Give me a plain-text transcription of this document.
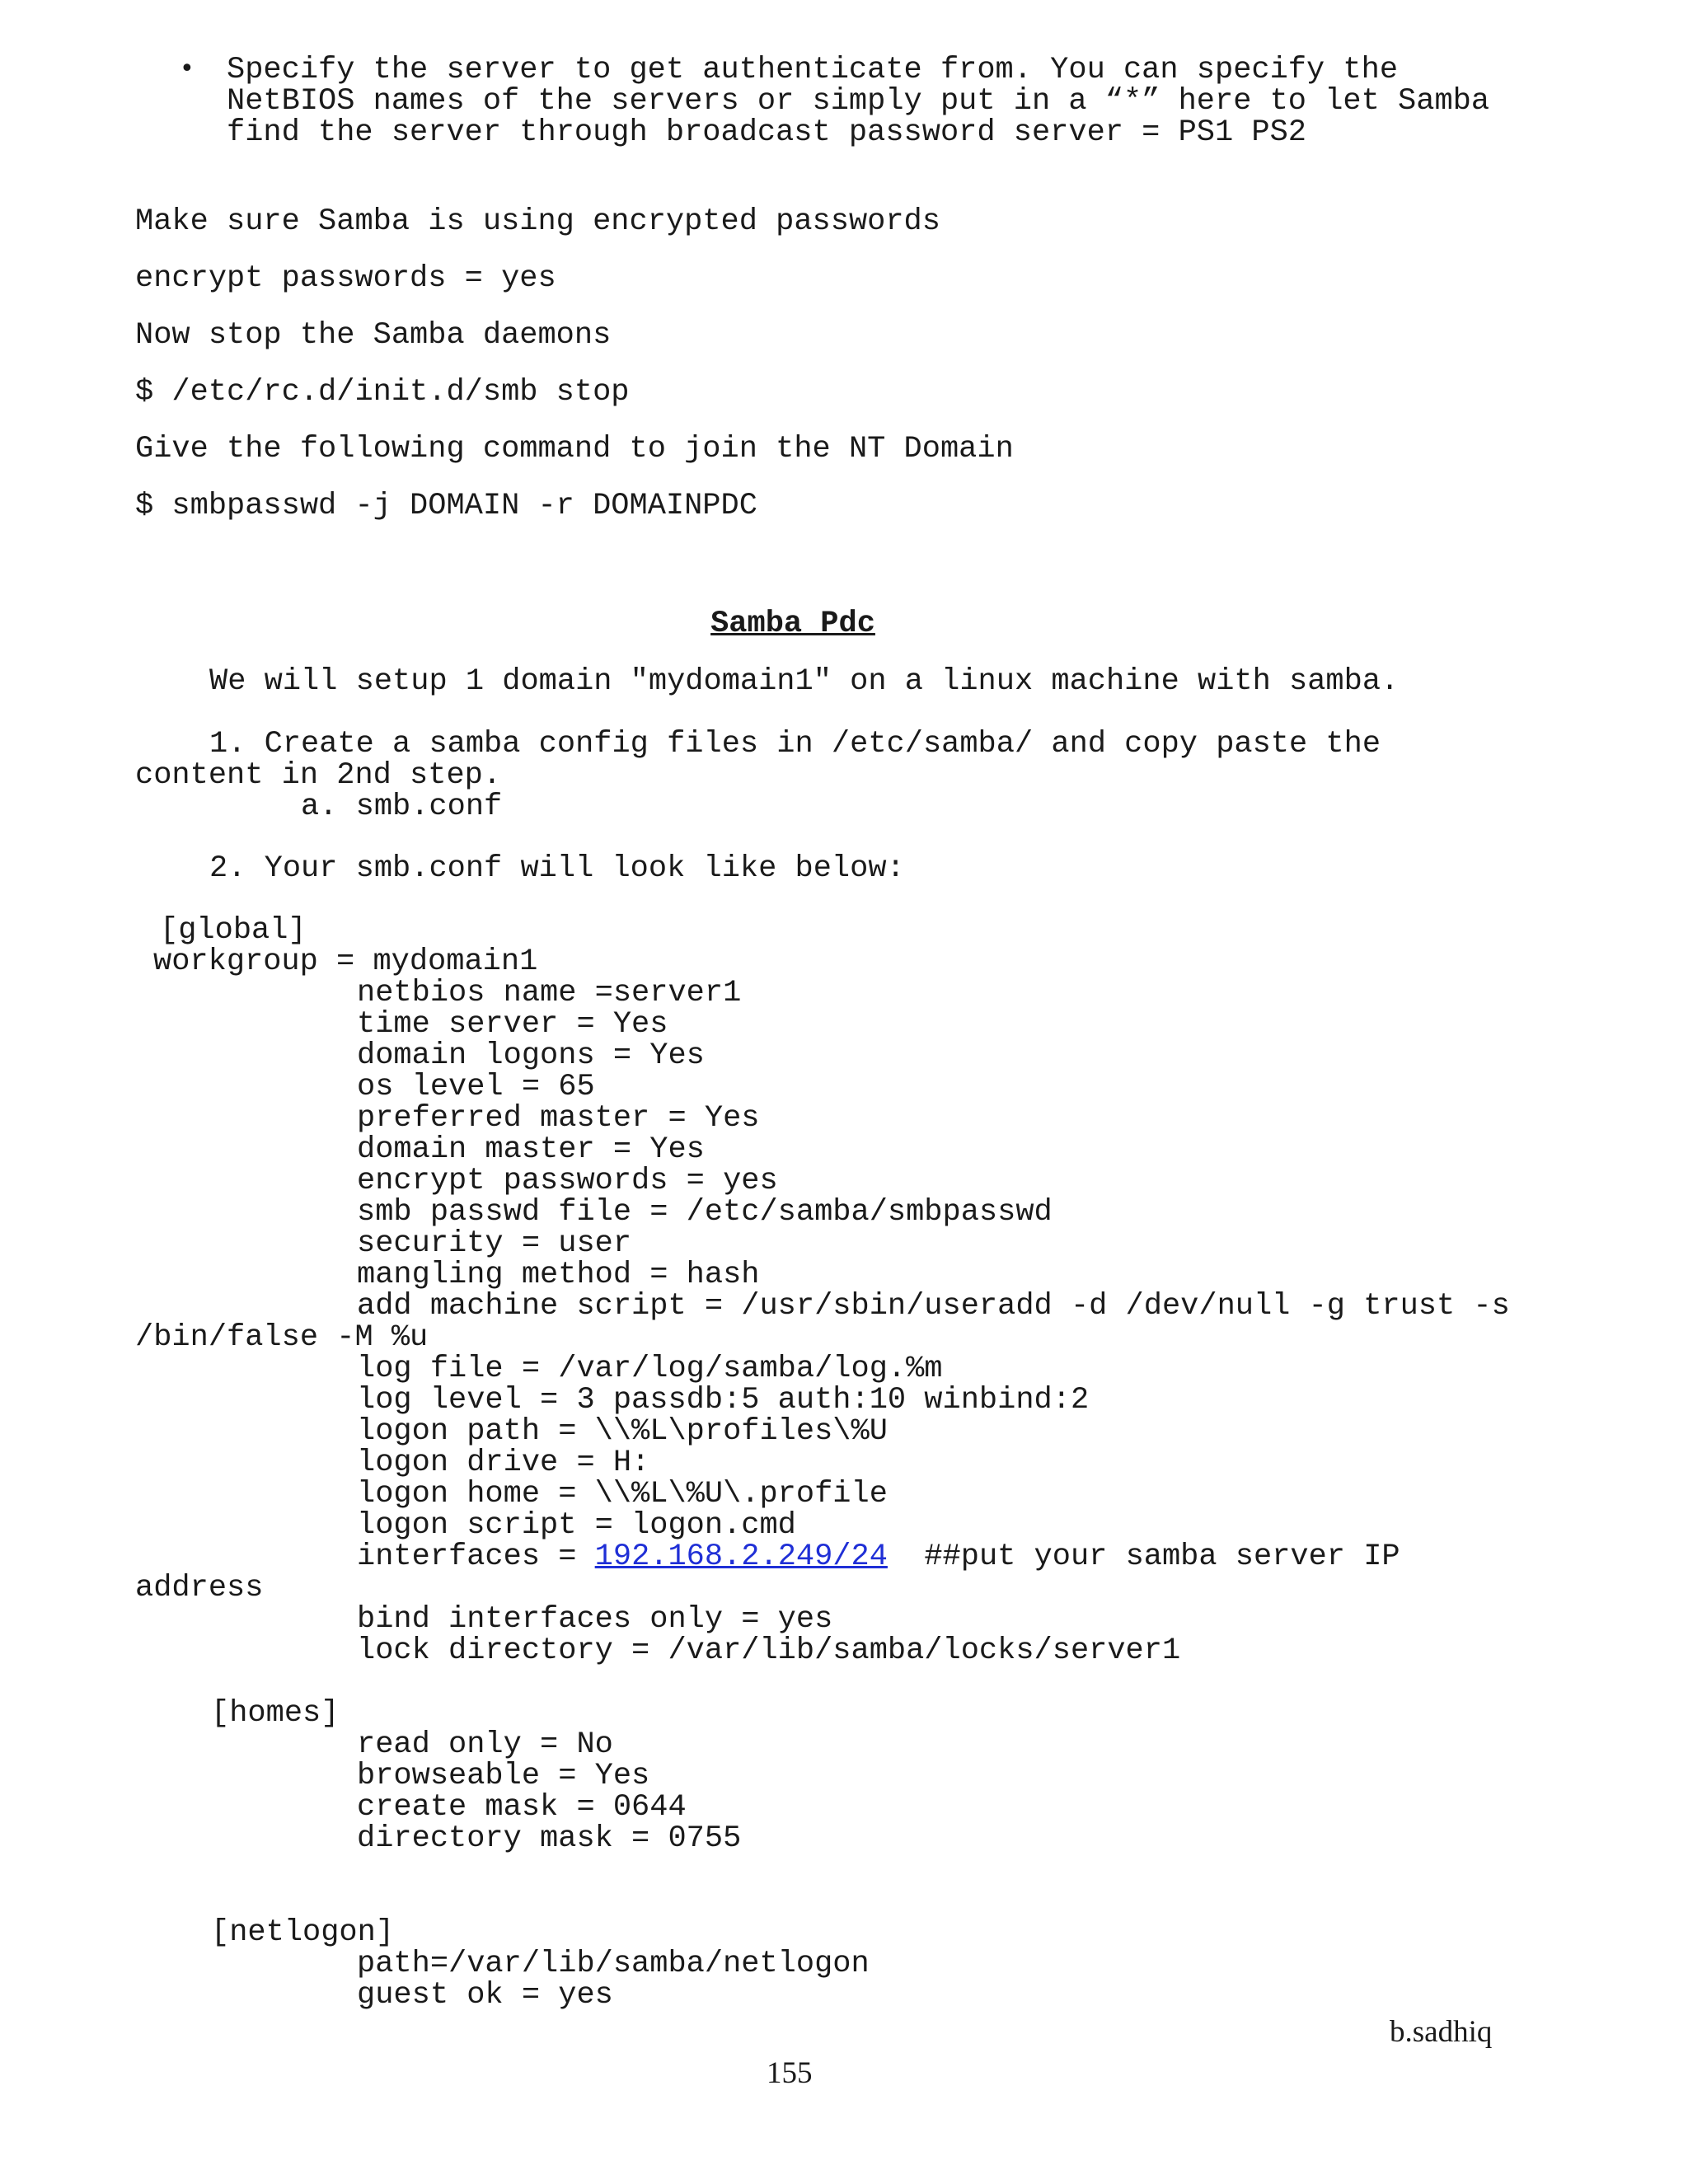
• Specify the server to get authenticate from. You can specify the
NetBIOS names of the servers or simply put in a “*” here to let Samba
find the server through broadcast password server = PS1 PS2
Make sure Samba is using encrypted passwords
encrypt passwords = yes
Now stop the Samba daemons
$ /etc/rc.d/init.d/smb stop
Give the following command to join the NT Domain
$ smbpasswd -j DOMAIN -r DOMAINPDC
Samba Pdc
We will setup 1 domain "mydomain1" on a linux machine with samba.
1. Create a samba config files in /etc/samba/ and copy paste the
content in 2nd step.
a. smb.conf
2. Your smb.conf will look like below:
[global]
workgroup = mydomain1
netbios name =server1
time server = Yes
domain logons = Yes
os level = 65
preferred master = Yes
domain master = Yes
encrypt passwords = yes
smb passwd file = /etc/samba/smbpasswd
security = user
mangling method = hash
add machine script = /usr/sbin/useradd -d /dev/null -g trust -s
/bin/false -M %u
log file = /var/log/samba/log.%m
log level = 3 passdb:5 auth:10 winbind:2
logon path = \\%L\profiles\%U
logon drive = H:
logon home = \\%L\%U\.profile
logon script = logon.cmd
interfaces = 192.168.2.249/24  ##put your samba server IP
address
bind interfaces only = yes
lock directory = /var/lib/samba/locks/server1
[homes]
read only = No
browseable = Yes
create mask = 0644
directory mask = 0755
[netlogon]
path=/var/lib/samba/netlogon
guest ok = yes
b.sadhiq
155
